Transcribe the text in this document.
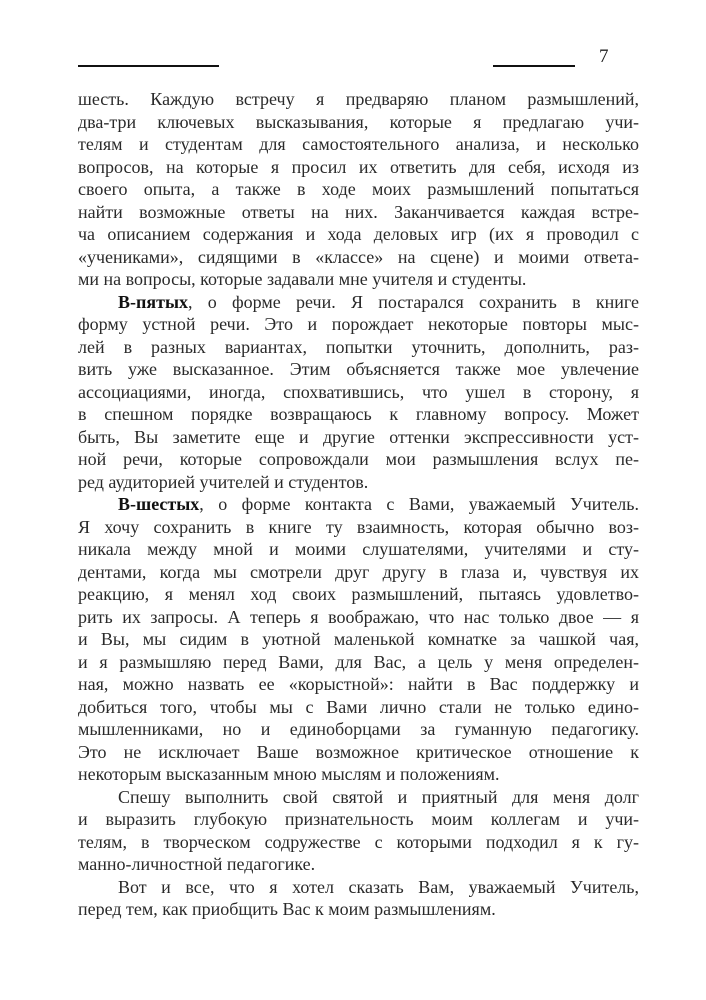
7
шесть. Каждую встречу я предваряю планом размышлений,
два-три ключевых высказывания, которые я предлагаю учи-
телям и студентам для самостоятельного анализа, и несколько
вопросов, на которые я просил их ответить для себя, исходя из
своего опыта, а также в ходе моих размышлений попытаться
найти возможные ответы на них. Заканчивается каждая встре-
ча описанием содержания и хода деловых игр (их я проводил с
«учениками», сидящими в «классе» на сцене) и моими ответа-
ми на вопросы, которые задавали мне учителя и студенты.
В-пятых, о форме речи. Я постарался сохранить в книге
форму устной речи. Это и порождает некоторые повторы мыс-
лей в разных вариантах, попытки уточнить, дополнить, раз-
вить уже высказанное. Этим объясняется также мое увлечение
ассоциациями, иногда, спохватившись, что ушел в сторону, я
в спешном порядке возвращаюсь к главному вопросу. Может
быть, Вы заметите еще и другие оттенки экспрессивности уст-
ной речи, которые сопровождали мои размышления вслух пе-
ред аудиторией учителей и студентов.
В-шестых, о форме контакта с Вами, уважаемый Учитель.
Я хочу сохранить в книге ту взаимность, которая обычно воз-
никала между мной и моими слушателями, учителями и сту-
дентами, когда мы смотрели друг другу в глаза и, чувствуя их
реакцию, я менял ход своих размышлений, пытаясь удовлетво-
рить их запросы. А теперь я воображаю, что нас только двое — я
и Вы, мы сидим в уютной маленькой комнатке за чашкой чая,
и я размышляю перед Вами, для Вас, а цель у меня определен-
ная, можно назвать ее «корыстной»: найти в Вас поддержку и
добиться того, чтобы мы с Вами лично стали не только едино-
мышленниками, но и единоборцами за гуманную педагогику.
Это не исключает Ваше возможное критическое отношение к
некоторым высказанным мною мыслям и положениям.
Спешу выполнить свой святой и приятный для меня долг
и выразить глубокую признательность моим коллегам и учи-
телям, в творческом содружестве с которыми подходил я к гу-
манно-личностной педагогике.
Вот и все, что я хотел сказать Вам, уважаемый Учитель,
перед тем, как приобщить Вас к моим размышлениям.
